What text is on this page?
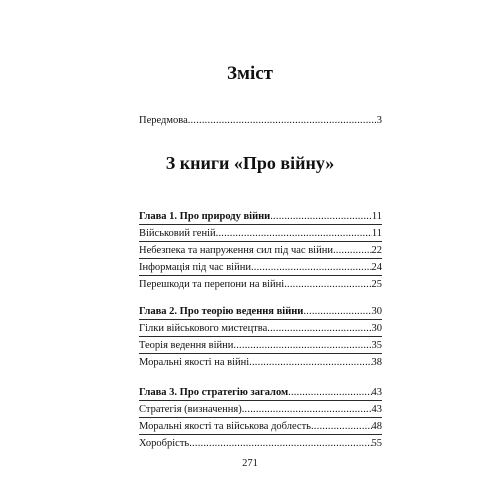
Зміст
Передмова .....	3
З книги «Про війну»
Глава 1. Про природу війни .....	11
Військовий геній .....	11
Небезпека та напруження сил під час війни .....	22
Інформація під час війни .....	24
Перешкоди та перепони на війні .....	25
Глава 2. Про теорію ведення війни .....	30
Гілки військового мистецтва .....	30
Теорія ведення війни .....	35
Моральні якості на війні .....	38
Глава 3. Про стратегію загалом .....	43
Стратегія (визначення) .....	43
Моральні якості та військова доблесть .....	48
Хоробрість .....	55
271
